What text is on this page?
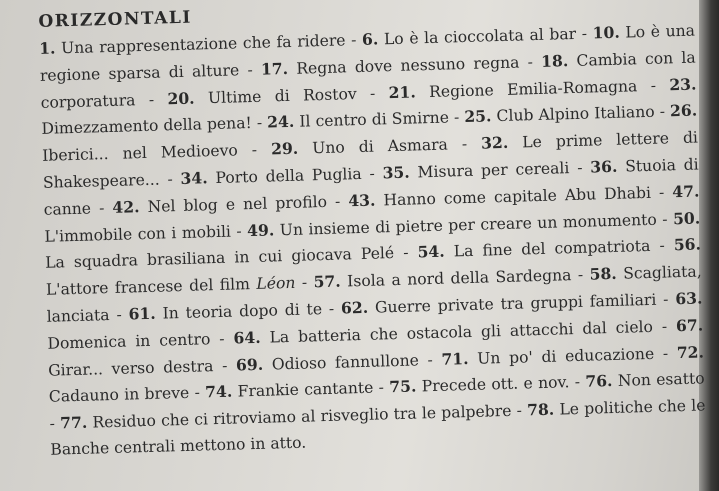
ORIZZONTALI

1. Una rappresentazione che fa ridere - 6. Lo è la cioccolata al bar - 10. Lo è una regione sparsa di alture - 17. Regna dove nessuno regna - 18. Cambia con la corporatura - 20. Ultime di Rostov - 21. Regione Emilia-Romagna - 23. Dimezzamento della pena! - 24. Il centro di Smirne - 25. Club Alpino Italiano - 26. Iberici... nel Medioevo - 29. Uno di Asmara - 32. Le prime lettere di Shakespeare... - 34. Porto della Puglia - 35. Misura per cereali - 36. Stuoia di canne - 42. Nel blog e nel profilo - 43. Hanno come capitale Abu Dhabi - 47. L'immobile con i mobili - 49. Un insieme di pietre per creare un monumento - 50. La squadra brasiliana in cui giocava Pelé - 54. La fine del compatriota - 56. L'attore francese del film Léon - 57. Isola a nord della Sardegna - 58. Scagliata, lanciata - 61. In teoria dopo di te - 62. Guerre private tra gruppi familiari - 63. Domenica in centro - 64. La batteria che ostacola gli attacchi dal cielo - 67. Girar... verso destra - 69. Odioso fannullone - 71. Un po' di educazione - 72. Cadauno in breve - 74. Frankie cantante - 75. Precede ott. e nov. - 76. Non esatto - 77. Residuo che ci ritroviamo al risveglio tra le palpebre - 78. Le politiche che le Banche centrali mettono in atto.
